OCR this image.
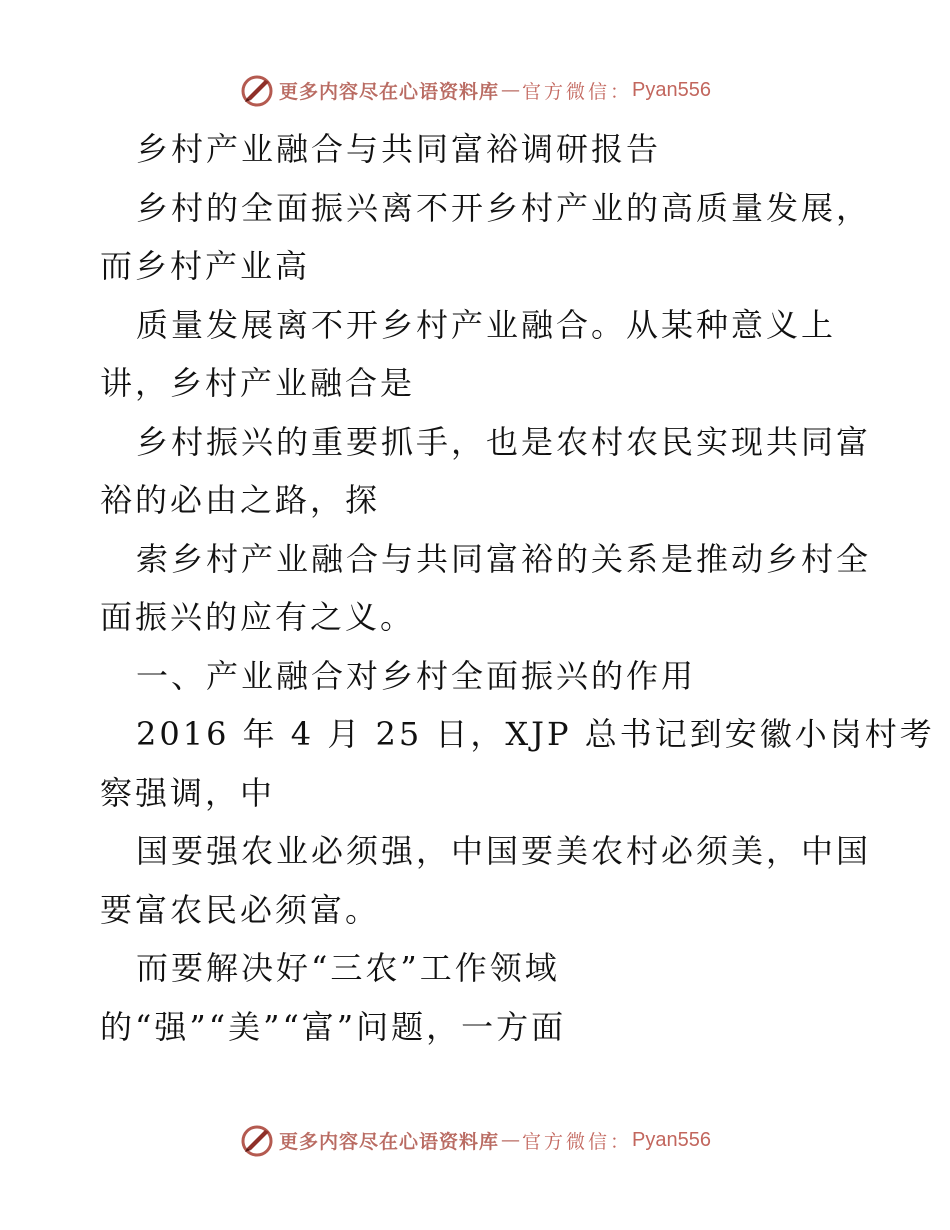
更多内容尽在心语资料库 — 官方微信： Pyan556
乡村产业融合与共同富裕调研报告
乡村的全面振兴离不开乡村产业的高质量发展，
而乡村产业高
质量发展离不开乡村产业融合。从某种意义上
讲，乡村产业融合是
乡村振兴的重要抓手，也是农村农民实现共同富
裕的必由之路，探
索乡村产业融合与共同富裕的关系是推动乡村全
面振兴的应有之义。
一、产业融合对乡村全面振兴的作用
2016 年 4 月 25 日，XJP 总书记到安徽小岗村考
察强调，中
国要强农业必须强，中国要美农村必须美，中国
要富农民必须富。
而要解决好“三农”工作领域
的“强”“美”“富”问题，一方面
更多内容尽在心语资料库 — 官方微信： Pyan556
